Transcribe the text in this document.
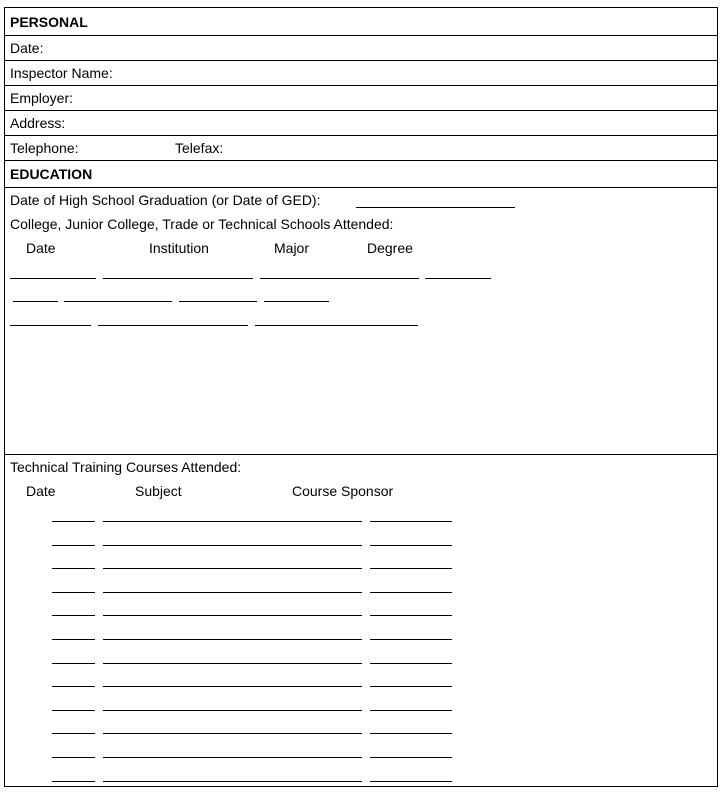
PERSONAL
Date:
Inspector Name:
Employer:
Address:
Telephone:	Telefax:
EDUCATION
Date of High School Graduation (or Date of GED):
College, Junior College, Trade or Technical Schools Attended:
Date	Institution	Major	Degree
Technical Training Courses Attended:
Date	Subject	Course Sponsor
